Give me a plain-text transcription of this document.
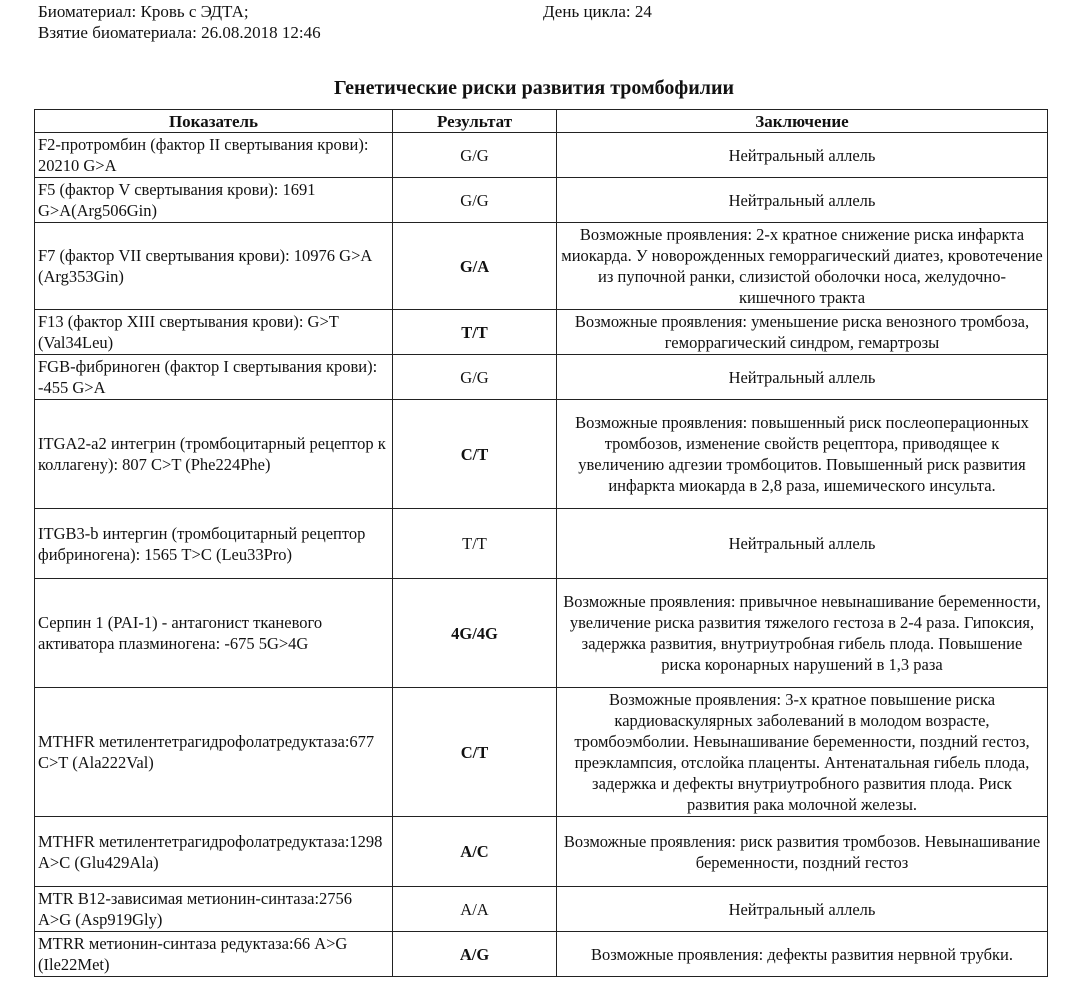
Биоматериал: Кровь с ЭДТА;	День цикла: 24
Взятие биоматериала: 26.08.2018 12:46
Генетические риски развития тромбофилии
Показатель	Результат	Заключение
F2-протромбин (фактор II свертывания крови): 20210 G>A	G/G	Нейтральный аллель
F5 (фактор V свертывания крови): 1691 G>A(Arg506Gin)	G/G	Нейтральный аллель
F7 (фактор VII свертывания крови): 10976 G>A (Arg353Gin)	G/A	Возможные проявления: 2-х кратное снижение риска инфаркта миокарда. У новорожденных геморрагический диатез, кровотечение из пупочной ранки, слизистой оболочки носа, желудочно-кишечного тракта
F13 (фактор XIII свертывания крови): G>T (Val34Leu)	T/T	Возможные проявления: уменьшение риска венозного тромбоза, геморрагический синдром, гемартрозы
FGB-фибриноген (фактор I свертывания крови): -455 G>A	G/G	Нейтральный аллель
ITGA2-a2 интегрин (тромбоцитарный рецептор к коллагену): 807 C>T (Phe224Phe)	C/T	Возможные проявления: повышенный риск послеоперационных тромбозов, изменение свойств рецептора, приводящее к увеличению адгезии тромбоцитов. Повышенный риск развития инфаркта миокарда в 2,8 раза, ишемического инсульта.
ITGB3-b интергин (тромбоцитарный рецептор фибриногена): 1565 T>C (Leu33Pro)	T/T	Нейтральный аллель
Серпин 1 (PAI-1) - антагонист тканевого активатора плазминогена: -675 5G>4G	4G/4G	Возможные проявления: привычное невынашивание беременности, увеличение риска развития тяжелого гестоза в 2-4 раза. Гипоксия, задержка развития, внутриутробная гибель плода. Повышение риска коронарных нарушений в 1,3 раза
MTHFR метилентетрагидрофолатредуктаза:677 C>T (Ala222Val)	C/T	Возможные проявления: 3-х кратное повышение риска кардиоваскулярных заболеваний в молодом возрасте, тромбоэмболии. Невынашивание беременности, поздний гестоз, преэклампсия, отслойка плаценты. Антенатальная гибель плода, задержка и дефекты внутриутробного развития плода. Риск развития рака молочной железы.
MTHFR метилентетрагидрофолатредуктаза:1298 A>C (Glu429Ala)	A/C	Возможные проявления: риск развития тромбозов. Невынашивание беременности, поздний гестоз
MTR B12-зависимая метионин-синтаза:2756 A>G (Asp919Gly)	A/A	Нейтральный аллель
MTRR метионин-синтаза редуктаза:66 A>G (Ile22Met)	A/G	Возможные проявления: дефекты развития нервной трубки.
